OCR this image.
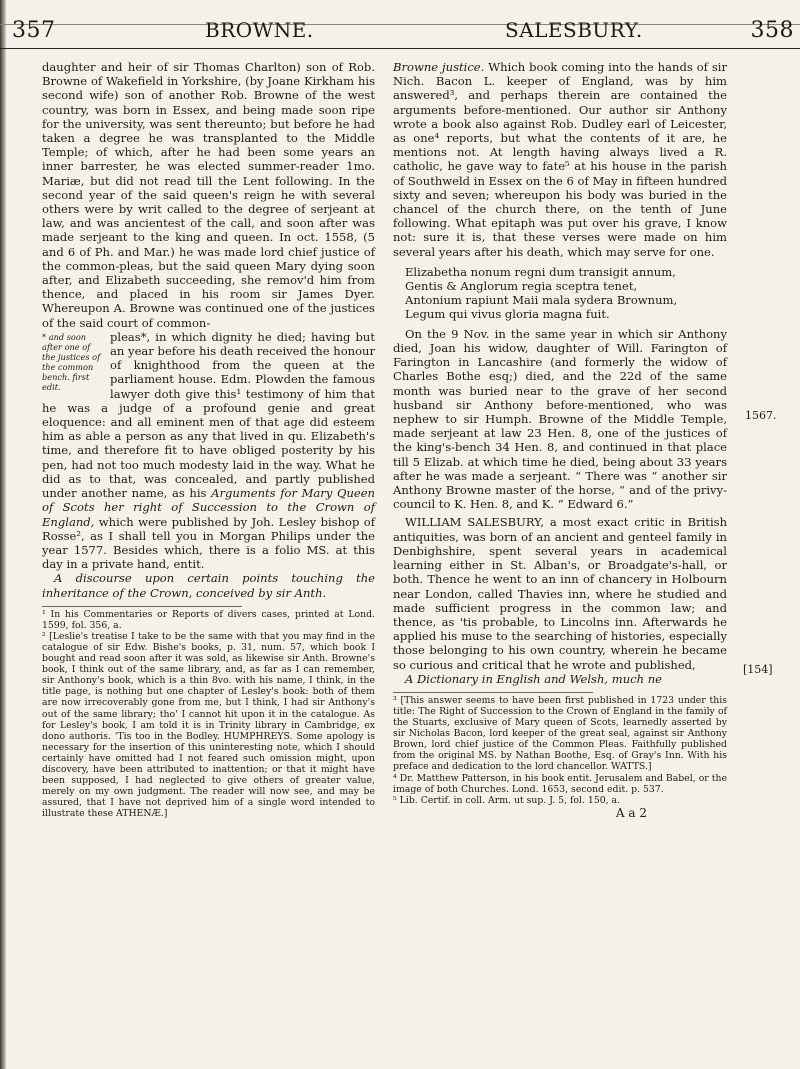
357	BROWNE.	SALESBURY.	358
1567.
[154]

daughter and heir of sir Thomas Charlton) son of Rob. Browne of Wakefield in Yorkshire, (by Joane Kirkham his second wife) son of another Rob. Browne of the west country, was born in Essex, and being made soon ripe for the university, was sent thereunto; but before he had taken a degree he was transplanted to the Middle Temple; of which, after he had been some years an inner barrester, he was elected summer-reader 1mo. Mariæ, but did not read till the Lent following. In the second year of the said queen's reign he with several others were by writ called to the degree of serjeant at law, and was ancientest of the call, and soon after was made serjeant to the king and queen. In oct. 1558, (5 and 6 of Ph. and Mar.) he was made lord chief justice of the common-pleas, but the said queen Mary dying soon after, and Elizabeth succeeding, she remov'd him from thence, and placed in his room sir James Dyer. Whereupon A. Browne was continued one of the justices of the said court of common-

* and soon after one of the justices of the common bench. first edit.
pleas*, in which dignity he died; having but an year before his death received the honour of knighthood from the queen at the parliament house. Edm. Plowden the famous lawyer doth give this¹ testimony of him that he was a judge of a profound genie and great eloquence: and all eminent men of that age did esteem him as able a person as any that lived in qu. Elizabeth's time, and therefore fit to have obliged posterity by his pen, had not too much modesty laid in the way. What he did as to that, was concealed, and partly published under another name, as his Arguments for Mary Queen of Scots her right of Succession to the Crown of England, which were published by Joh. Lesley bishop of Rosse², as I shall tell you in Morgan Philips under the year 1577. Besides which, there is a folio MS. at this day in a private hand, entit.

A discourse upon certain points touching the inheritance of the Crown, conceived by sir Anth.

¹ In his Commentaries or Reports of divers cases, printed at Lond. 1599, fol. 356, a.

² [Leslie's treatise I take to be the same with that you may find in the catalogue of sir Edw. Bishe's books, p. 31, num. 57, which book I bought and read soon after it was sold, as likewise sir Anth. Browne's book, I think out of the same library, and, as far as I can remember, sir Anthony's book, which is a thin 8vo. with his name, I think, in the title page, is nothing but one chapter of Lesley's book: both of them are now irrecoverably gone from me, but I think, I had sir Anthony's out of the same library; tho' I cannot hit upon it in the catalogue. As for Lesley's book, I am told it is in Trinity library in Cambridge, ex dono authoris. 'Tis too in the Bodley. HUMPHREYS. Some apology is necessary for the insertion of this uninteresting note, which I should certainly have omitted had I not feared such omission might, upon discovery, have been attributed to inattention; or that it might have been supposed, I had neglected to give others of greater value, merely on my own judgment. The reader will now see, and may be assured, that I have not deprived him of a single word intended to illustrate these ATHENÆ.]

Browne justice. Which book coming into the hands of sir Nich. Bacon L. keeper of England, was by him answered³, and perhaps therein are contained the arguments before-mentioned. Our author sir Anthony wrote a book also against Rob. Dudley earl of Leicester, as one⁴ reports, but what the contents of it are, he mentions not. At length having always lived a R. catholic, he gave way to fate⁵ at his house in the parish of Southweld in Essex on the 6 of May in fifteen hundred sixty and seven; whereupon his body was buried in the chancel of the church there, on the tenth of June following. What epitaph was put over his grave, I know not: sure it is, that these verses were made on him several years after his death, which may serve for one.

Elizabetha nonum regni dum transigit annum,
Gentis & Anglorum regia sceptra tenet,
Antonium rapiunt Maii mala sydera Brownum,
Legum qui vivus gloria magna fuit.

On the 9 Nov. in the same year in which sir Anthony died, Joan his widow, daughter of Will. Farington of Farington in Lancashire (and formerly the widow of Charles Bothe esq;) died, and the 22d of the same month was buried near to the grave of her second husband sir Anthony before-mentioned, who was nephew to sir Humph. Browne of the Middle Temple, made serjeant at law 23 Hen. 8, one of the justices of the king's-bench 34 Hen. 8, and continued in that place till 5 Elizab. at which time he died, being about 33 years after he was made a serjeant. “ There was “ another sir Anthony Browne master of the horse, “ and of the privy-council to K. Hen. 8, and K. “ Edward 6.”

WILLIAM SALESBURY, a most exact critic in British antiquities, was born of an ancient and genteel family in Denbighshire, spent several years in academical learning either in St. Alban's, or Broadgate's-hall, or both. Thence he went to an inn of chancery in Holbourn near London, called Thavies inn, where he studied and made sufficient progress in the common law; and thence, as 'tis probable, to Lincolns inn. Afterwards he applied his muse to the searching of histories, especially those belonging to his own country, wherein he became so curious and critical that he wrote and published,

A Dictionary in English and Welsh, much ne

³ [This answer seems to have been first published in 1723 under this title: The Right of Succession to the Crown of England in the family of the Stuarts, exclusive of Mary queen of Scots, learnedly asserted by sir Nicholas Bacon, lord keeper of the great seal, against sir Anthony Brown, lord chief justice of the Common Pleas. Faithfully published from the original MS. by Nathan Boothe, Esq. of Gray's Inn. With his preface and dedication to the lord chancellor. WATTS.]

⁴ Dr. Matthew Patterson, in his book entit. Jerusalem and Babel, or the image of both Churches. Lond. 1653, second edit. p. 537.

⁵ Lib. Certif. in coll. Arm. ut sup. J. 5, fol. 150, a.

A a 2
